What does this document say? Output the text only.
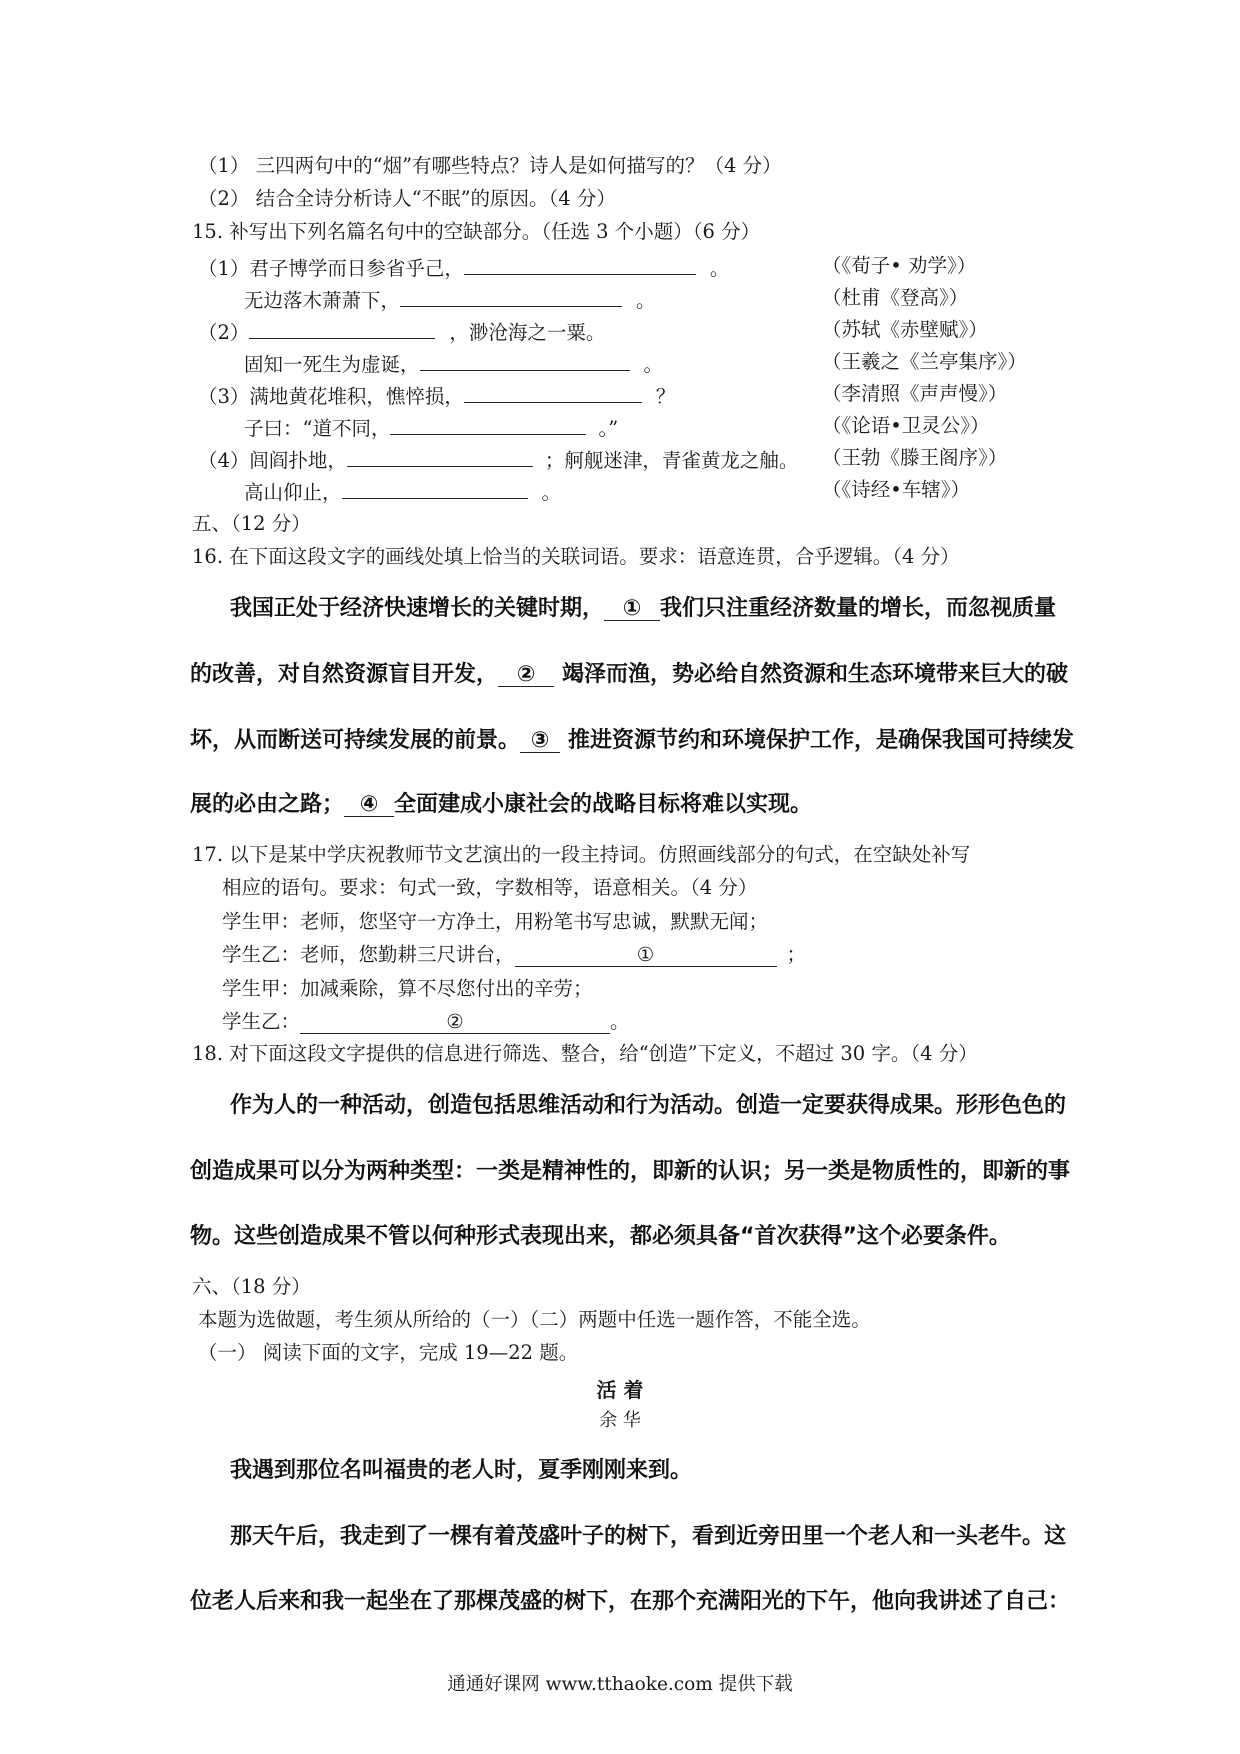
（1） 三四两句中的“烟”有哪些特点？诗人是如何描写的？（4 分）
（2） 结合全诗分析诗人“不眠”的原因。（4 分）
15. 补写出下列名篇名句中的空缺部分。（任选 3 个小题）（6 分）
（1）君子博学而日参省乎己，	。	（《荀子• 劝学》）
无边落木萧萧下，	。	（杜甫《登高》）
（2）	，渺沧海之一粟。	（苏轼《赤壁赋》）
固知一死生为虚诞，	。	（王羲之《兰亭集序》）
（3）满地黄花堆积，憔悴损，	？	（李清照《声声慢》）
子曰：“道不同，	。”	（《论语•卫灵公》）
（4）闾阎扑地，	；舸舰迷津，青雀黄龙之舳。 （王勃《滕王阁序》）
高山仰止，	。	（《诗经•车辖》）
五、（12 分）
16. 在下面这段文字的画线处填上恰当的关联词语。要求：语意连贯，合乎逻辑。（4 分）
我国正处于经济快速增长的关键时期， ① 我们只注重经济数量的增长，而忽视质量
的改善，对自然资源盲目开发， ② 竭泽而渔，势必给自然资源和生态环境带来巨大的破
坏，从而断送可持续发展的前景。 ③ 推进资源节约和环境保护工作，是确保我国可持续发
展的必由之路； ④ 全面建成小康社会的战略目标将难以实现。
17. 以下是某中学庆祝教师节文艺演出的一段主持词。仿照画线部分的句式，在空缺处补写
相应的语句。要求：句式一致，字数相等，语意相关。（4 分）
学生甲：老师，您坚守一方净土，用粉笔书写忠诚，默默无闻；
学生乙：老师，您勤耕三尺讲台，	①	；
学生甲：加减乘除，算不尽您付出的辛劳；
学生乙：	②	。
18. 对下面这段文字提供的信息进行筛选、整合，给“创造”下定义，不超过 30 字。（4 分）
作为人的一种活动，创造包括思维活动和行为活动。创造一定要获得成果。形形色色的
创造成果可以分为两种类型：一类是精神性的，即新的认识；另一类是物质性的，即新的事
物。这些创造成果不管以何种形式表现出来，都必须具备“首次获得”这个必要条件。
六、（18 分）
本题为选做题，考生须从所给的（一）（二）两题中任选一题作答，不能全选。
（一） 阅读下面的文字，完成 19—22 题。
活 着
余 华
我遇到那位名叫福贵的老人时，夏季刚刚来到。
那天午后，我走到了一棵有着茂盛叶子的树下，看到近旁田里一个老人和一头老牛。这
位老人后来和我一起坐在了那棵茂盛的树下，在那个充满阳光的下午，他向我讲述了自己：
通通好课网 www.tthaoke.com 提供下载
